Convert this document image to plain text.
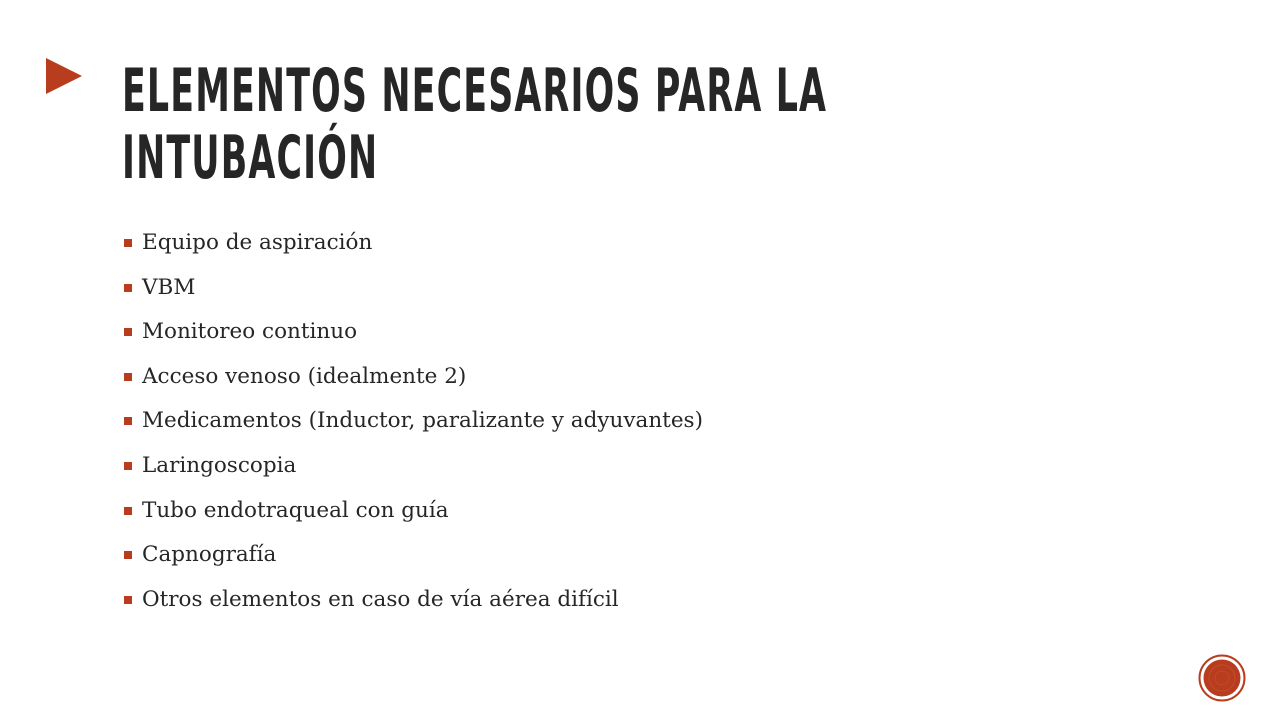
ELEMENTOS NECESARIOS PARA LA INTUBACIÓN
Equipo de aspiración
VBM
Monitoreo continuo
Acceso venoso (idealmente 2)
Medicamentos (Inductor, paralizante y adyuvantes)
Laringoscopia
Tubo endotraqueal con guía
Capnografía
Otros elementos en caso de vía aérea difícil
